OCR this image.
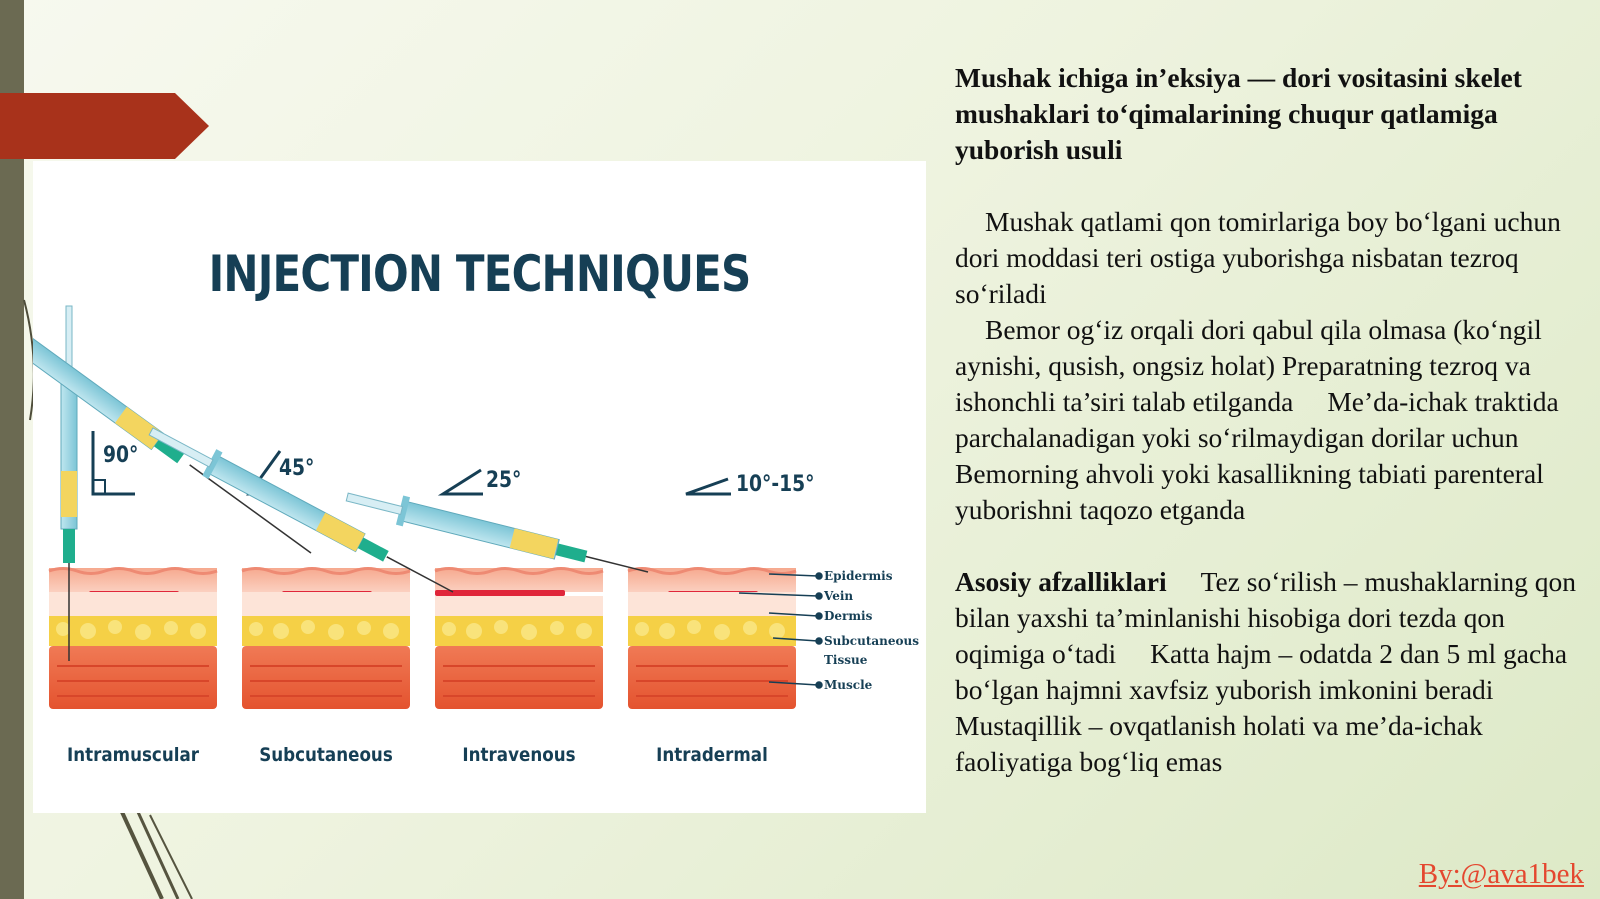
INJECTION TECHNIQUES
90°
45°	25°	10°-15°
Epidermis
Vein
Dermis
Subcutaneous
Tissue
Muscle
Intramuscular	Subcutaneous	Intravenous	Intradermal

Mushak ichiga in’eksiya — dori vositasini skelet mushaklari to‘qimalarining chuqur qatlamiga yuborish usuli

Mushak qatlami qon tomirlariga boy bo‘lgani uchun dori moddasi teri ostiga yuborishga nisbatan tezroq so‘riladi

Bemor og‘iz orqali dori qabul qila olmasa (ko‘ngil aynishi, qusish, ongsiz holat) Preparatning tezroq va ishonchli ta’siri talab etilganda Me’da-ichak traktida parchalanadigan yoki so‘rilmaydigan dorilar uchunBemorning ahvoli yoki kasallikning tabiati parenteral yuborishni taqozo etganda

Asosiy afzalliklari Tez so‘rilish – mushaklarning qon bilan yaxshi ta’minlanishi hisobiga dori tezda qon oqimiga o‘tadi Katta hajm – odatda 2 dan 5 ml gacha bo‘lgan hajmni xavfsiz yuborish imkonini beradiMustaqillik – ovqatlanish holati va me’da-ichak faoliyatiga bog‘liq emas

By:@ava1bek
